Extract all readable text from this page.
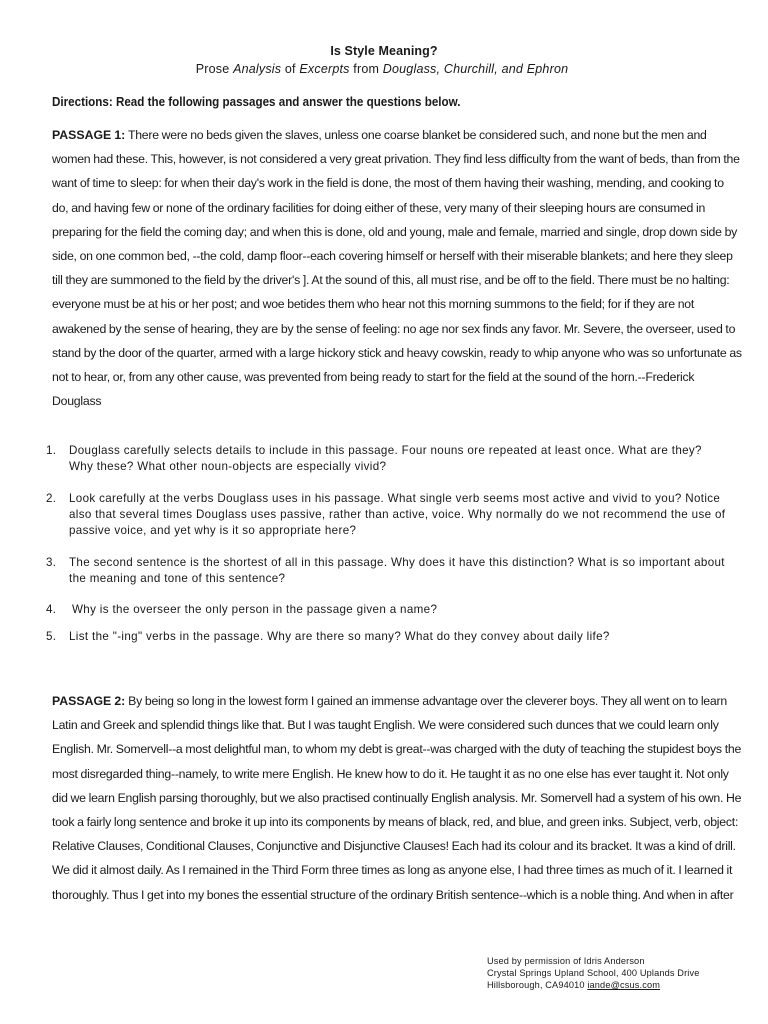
Is Style Meaning?
Prose Analysis of Excerpts from Douglass, Churchill, and Ephron
Directions: Read the following passages and answer the questions below.
PASSAGE 1: There were no beds given the slaves, unless one coarse blanket be considered such, and none but the men and women had these. This, however, is not considered a very great privation. They find less difficulty from the want of beds, than from the want of time to sleep: for when their day's work in the field is done, the most of them having their washing, mending, and cooking to do, and having few or none of the ordinary facilities for doing either of these, very many of their sleeping hours are consumed in preparing for the field the coming day; and when this is done, old and young, male and female, married and single, drop down side by side, on one common bed, --the cold, damp floor--each covering himself or herself with their miserable blankets; and here they sleep till they are summoned to the field by the driver's ]. At the sound of this, all must rise, and be off to the field. There must be no halting: everyone must be at his or her post; and woe betides them who hear not this morning summons to the field; for if they are not awakened by the sense of hearing, they are by the sense of feeling: no age nor sex finds any favor. Mr. Severe, the overseer, used to stand by the door of the quarter, armed with a large hickory stick and heavy cowskin, ready to whip anyone who was so unfortunate as not to hear, or, from any other cause, was prevented from being ready to start for the field at the sound of the horn.--Frederick Douglass
1. Douglass carefully selects details to include in this passage. Four nouns ore repeated at least once. What are they? Why these? What other noun-objects are especially vivid?
2. Look carefully at the verbs Douglass uses in his passage. What single verb seems most active and vivid to you? Notice also that several times Douglass uses passive, rather than active, voice. Why normally do we not recommend the use of passive voice, and yet why is it so appropriate here?
3. The second sentence is the shortest of all in this passage. Why does it have this distinction? What is so important about the meaning and tone of this sentence?
4. Why is the overseer the only person in the passage given a name?
5. List the "-ing" verbs in the passage. Why are there so many? What do they convey about daily life?
PASSAGE 2: By being so long in the lowest form I gained an immense advantage over the cleverer boys. They all went on to learn Latin and Greek and splendid things like that. But I was taught English. We were considered such dunces that we could learn only English. Mr. Somervell--a most delightful man, to whom my debt is great--was charged with the duty of teaching the stupidest boys the most disregarded thing--namely, to write mere English. He knew how to do it. He taught it as no one else has ever taught it. Not only did we learn English parsing thoroughly, but we also practised continually English analysis. Mr. Somervell had a system of his own. He took a fairly long sentence and broke it up into its components by means of black, red, and blue, and green inks. Subject, verb, object: Relative Clauses, Conditional Clauses, Conjunctive and Disjunctive Clauses! Each had its colour and its bracket. It was a kind of drill. We did it almost daily. As I remained in the Third Form three times as long as anyone else, I had three times as much of it. I learned it thoroughly. Thus I get into my bones the essential structure of the ordinary British sentence--which is a noble thing. And when in after
Used by permission of Idris Anderson
Crystal Springs Upland School, 400 Uplands Drive
Hillsborough, CA94010 iande@csus.com
